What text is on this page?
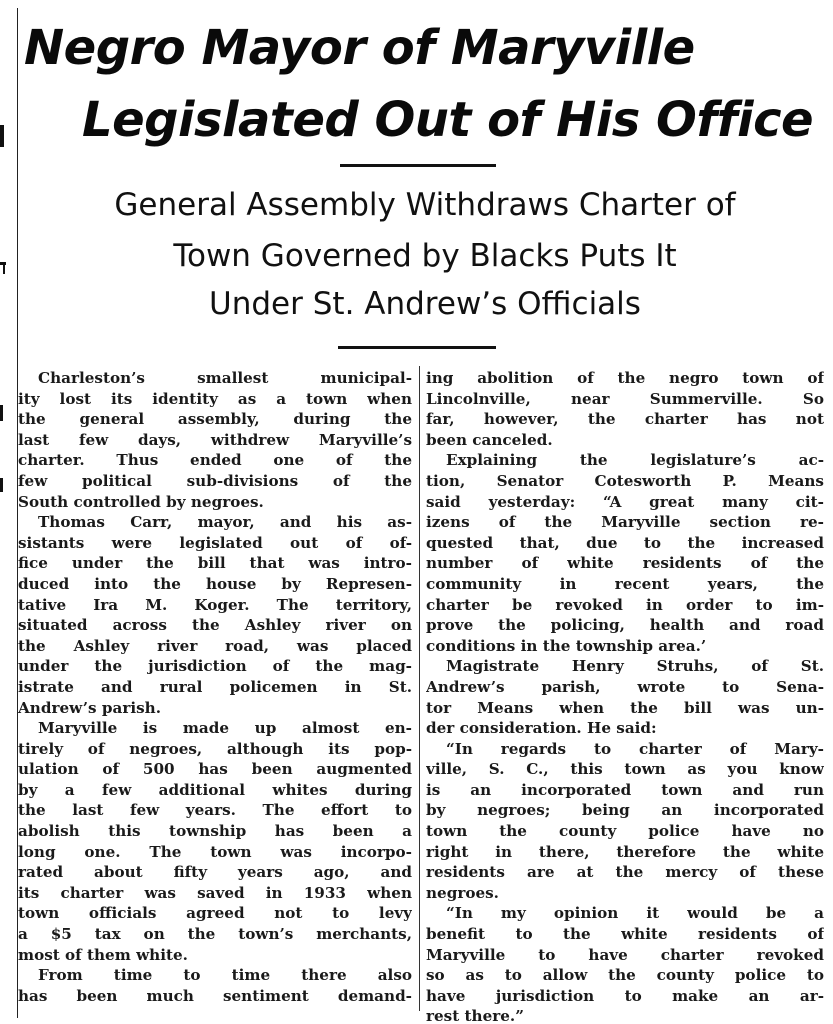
Negro Mayor of Maryville
Legislated Out of His Office
General Assembly Withdraws Charter of
Town Governed by Blacks Puts It
Under St. Andrew’s Officials
Charleston’s smallest municipal-
ity lost its identity as a town when
the general assembly, during the
last few days, withdrew Maryville’s
charter. Thus ended one of the
few political sub-divisions of the
South controlled by negroes.
Thomas Carr, mayor, and his as-
sistants were legislated out of of-
fice under the bill that was intro-
duced into the house by Represen-
tative Ira M. Koger. The territory,
situated across the Ashley river on
the Ashley river road, was placed
under the jurisdiction of the mag-
istrate and rural policemen in St.
Andrew’s parish.
Maryville is made up almost en-
tirely of negroes, although its pop-
ulation of 500 has been augmented
by a few additional whites during
the last few years. The effort to
abolish this township has been a
long one. The town was incorpo-
rated about fifty years ago, and
its charter was saved in 1933 when
town officials agreed not to levy
a $5 tax on the town’s merchants,
most of them white.
From time to time there also
has been much sentiment demand-
ing abolition of the negro town of
Lincolnville, near Summerville. So
far, however, the charter has not
been canceled.
Explaining the legislature’s ac-
tion, Senator Cotesworth P. Means
said yesterday: “A great many cit-
izens of the Maryville section re-
quested that, due to the increased
number of white residents of the
community in recent years, the
charter be revoked in order to im-
prove the policing, health and road
conditions in the township area.’
Magistrate Henry Struhs, of St.
Andrew’s parish, wrote to Sena-
tor Means when the bill was un-
der consideration. He said:
“In regards to charter of Mary-
ville, S. C., this town as you know
is an incorporated town and run
by negroes; being an incorporated
town the county police have no
right in there, therefore the white
residents are at the mercy of these
negroes.
“In my opinion it would be a
benefit to the white residents of
Maryville to have charter revoked
so as to allow the county police to
have jurisdiction to make an ar-
rest there.”
